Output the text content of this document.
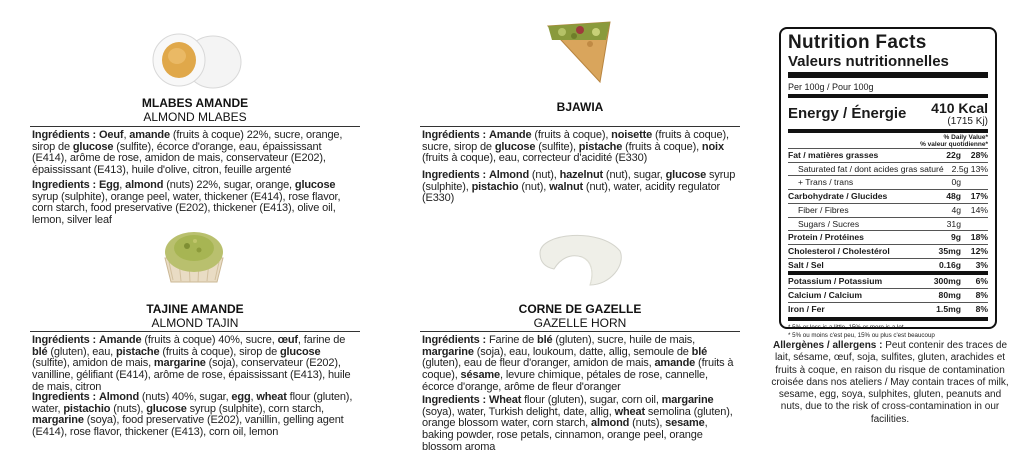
MLABES AMANDE
ALMOND MLABES
Ingrédients : Oeuf, amande (fruits à coque) 22%, sucre, orange, sirop de glucose (sulfite), écorce d'orange, eau, épaississant (E414), arôme de rose, amidon de mais, conservateur (E202), épaississant (E413), huile d'olive, citron, feuille argenté
Ingredients : Egg, almond (nuts) 22%, sugar, orange, glucose syrup (sulphite), orange peel, water, thickener (E414), rose flavor, corn starch, food preservative (E202), thickener (E413), olive oil, lemon, silver leaf
TAJINE AMANDE
ALMOND TAJIN
Ingrédients : Amande (fruits à coque) 40%, sucre, œuf, farine de blé (gluten), eau, pistache (fruits à coque), sirop de glucose (sulfite), amidon de mais, margarine (soja), conservateur (E202), vanilline, gélifiant (E414), arôme de rose, épaississant (E413), huile de mais, citron
Ingredients : Almond (nuts) 40%, sugar, egg, wheat flour (gluten), water, pistachio (nuts), glucose syrup (sulphite), corn starch, margarine (soya), food preservative (E202), vanillin, gelling agent (E414), rose flavor, thickener (E413), corn oil, lemon
BJAWIA
Ingrédients : Amande (fruits à coque), noisette (fruits à coque), sucre, sirop de glucose (sulfite), pistache (fruits à coque), noix (fruits à coque), eau, correcteur d'acidité (E330)
Ingredients : Almond (nut), hazelnut (nut), sugar, glucose syrup (sulphite), pistachio (nut), walnut (nut), water, acidity regulator (E330)
CORNE DE GAZELLE
GAZELLE HORN
Ingrédients : Farine de blé (gluten), sucre, huile de mais, margarine (soja), eau, loukoum, datte, allig, semoule de blé (gluten), eau de fleur d'oranger, amidon de mais, amande (fruits à coque), sésame, levure chimique, pétales de rose, cannelle, écorce d'orange, arôme de fleur d'oranger
Ingredients : Wheat flour (gluten), sugar, corn oil, margarine (soya), water, Turkish delight, date, allig, wheat semolina (gluten), orange blossom water, corn starch, almond (nuts), sesame, baking powder, rose petals, cinnamon, orange peel, orange blossom aroma
Nutrition Facts
Valeurs nutritionnelles
Per 100g / Pour 100g
Energy / Énergie 410 Kcal
(1715 Kj)
% Daily Value*
% valeur quotidienne*
Fat / matières grasses	22g	28%
Saturated fat / dont acides gras saturé 2.5g 13%
+ Trans / trans	0g
Carbohydrate / Glucides	48g	17%
Fiber / Fibres	4g	14%
Sugars / Sucres	31g
Protein / Protéines	9g	18%
Cholesterol / Cholestérol	35mg	12%
Salt / Sel	0.16g	3%
Potassium / Potassium	300mg	6%
Calcium / Calcium	80mg	8%
Iron / Fer	1.5mg	8%
* 5% or less is a little, 15% or more is a lot
* 5% ou moins c'est peu, 15% ou plus c'est beaucoup
Allergènes / allergens : Peut contenir des traces de lait, sésame, œuf, soja, sulfites, gluten, arachides et fruits à coque, en raison du risque de contamination croisée dans nos ateliers / May contain traces of milk, sesame, egg, soya, sulphites, gluten, peanuts and nuts, due to the risk of cross-contamination in our facilities.
